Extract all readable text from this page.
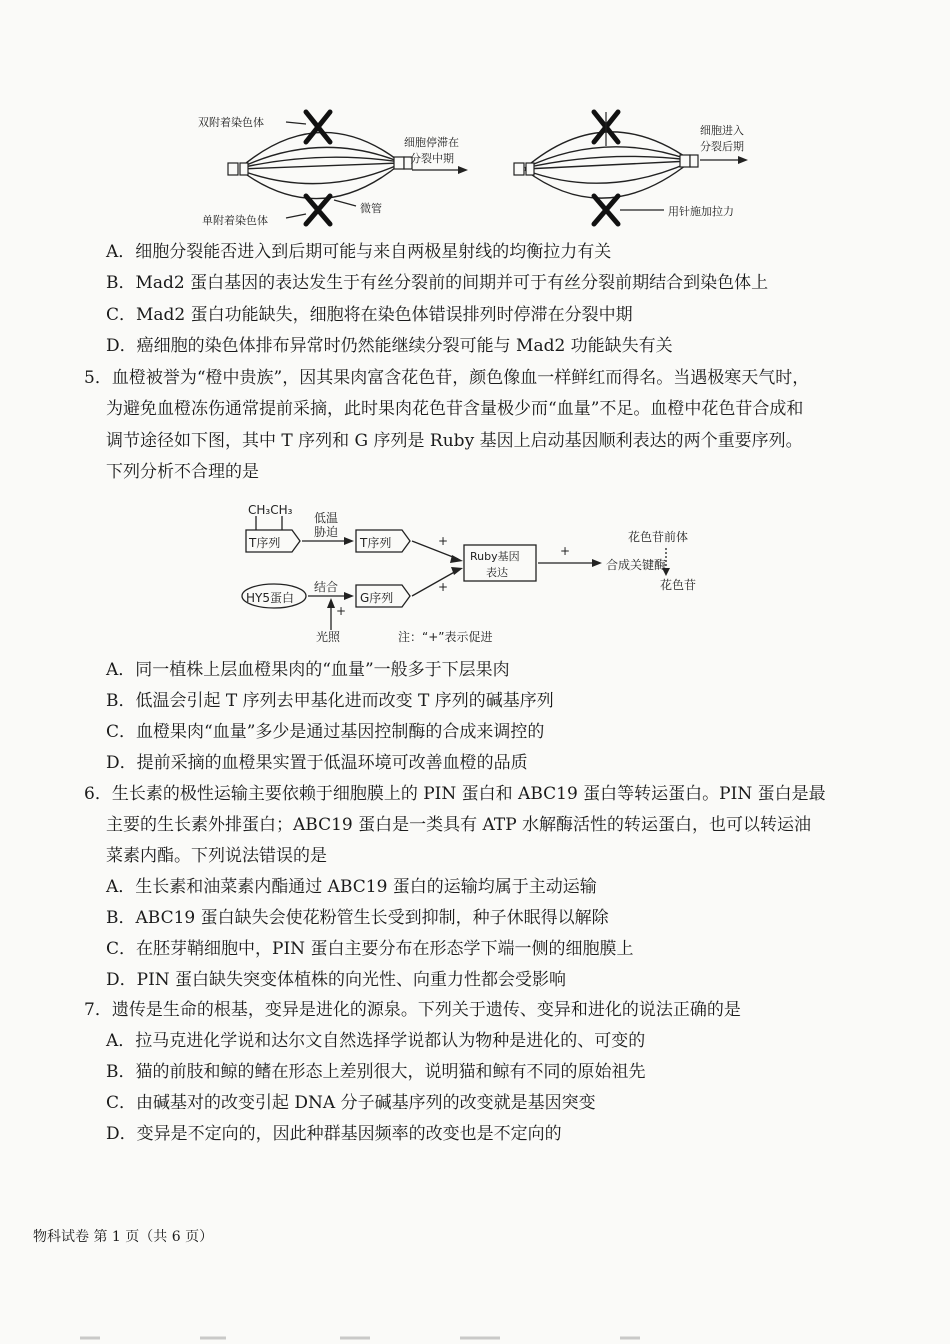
双附着染色体
细胞停滞在
分裂中期
单附着染色体
微管
细胞进入
分裂后期
用针施加拉力
A．细胞分裂能否进入到后期可能与来自两极星射线的均衡拉力有关
B．Mad2 蛋白基因的表达发生于有丝分裂前的间期并可于有丝分裂前期结合到染色体上
C．Mad2 蛋白功能缺失，细胞将在染色体错误排列时停滞在分裂中期
D．癌细胞的染色体排布异常时仍然能继续分裂可能与 Mad2 功能缺失有关
5．血橙被誉为“橙中贵族”，因其果肉富含花色苷，颜色像血一样鲜红而得名。当遇极寒天气时，
为避免血橙冻伤通常提前采摘，此时果肉花色苷含量极少而“血量”不足。血橙中花色苷合成和
调节途径如下图，其中 T 序列和 G 序列是 Ruby 基因上启动基因顺利表达的两个重要序列。
下列分析不合理的是
CH₃CH₃
T序列
低温
胁迫
T序列
HY5蛋白
结合
+
G序列
光照
+
+
Ruby基因
表达
+
花色苷前体
合成关键酶
花色苷
注：“+”表示促进
A．同一植株上层血橙果肉的“血量”一般多于下层果肉
B．低温会引起 T 序列去甲基化进而改变 T 序列的碱基序列
C．血橙果肉“血量”多少是通过基因控制酶的合成来调控的
D．提前采摘的血橙果实置于低温环境可改善血橙的品质
6．生长素的极性运输主要依赖于细胞膜上的 PIN 蛋白和 ABC19 蛋白等转运蛋白。PIN 蛋白是最
主要的生长素外排蛋白；ABC19 蛋白是一类具有 ATP 水解酶活性的转运蛋白，也可以转运油
菜素内酯。下列说法错误的是
A．生长素和油菜素内酯通过 ABC19 蛋白的运输均属于主动运输
B．ABC19 蛋白缺失会使花粉管生长受到抑制，种子休眠得以解除
C．在胚芽鞘细胞中，PIN 蛋白主要分布在形态学下端一侧的细胞膜上
D．PIN 蛋白缺失突变体植株的向光性、向重力性都会受影响
7．遗传是生命的根基，变异是进化的源泉。下列关于遗传、变异和进化的说法正确的是
A．拉马克进化学说和达尔文自然选择学说都认为物种是进化的、可变的
B．猫的前肢和鲸的鳍在形态上差别很大，说明猫和鲸有不同的原始祖先
C．由碱基对的改变引起 DNA 分子碱基序列的改变就是基因突变
D．变异是不定向的，因此种群基因频率的改变也是不定向的
物科试卷 第 1 页（共 6 页）
